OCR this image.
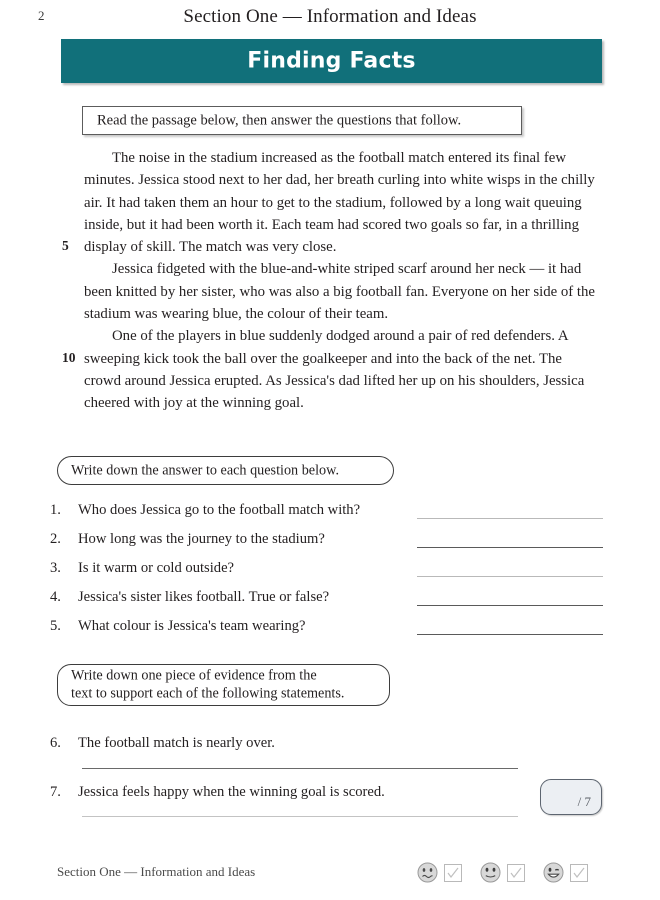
2	Section One — Information and Ideas
Finding Facts
Read the passage below, then answer the questions that follow.
5
10

The noise in the stadium increased as the football match entered its final few minutes. Jessica stood next to her dad, her breath curling into white wisps in the chilly air. It had taken them an hour to get to the stadium, followed by a long wait queuing inside, but it had been worth it. Each team had scored two goals so far, in a thrilling display of skill. The match was very close.

Jessica fidgeted with the blue-and-white striped scarf around her neck — it had been knitted by her sister, who was also a big football fan. Everyone on her side of the stadium was wearing blue, the colour of their team.

One of the players in blue suddenly dodged around a pair of red defenders. A sweeping kick took the ball over the goalkeeper and into the back of the net. The crowd around Jessica erupted. As Jessica's dad lifted her up on his shoulders, Jessica cheered with joy at the winning goal.

Write down the answer to each question below.
1.	Who does Jessica go to the football match with?
2.	How long was the journey to the stadium?
3.	Is it warm or cold outside?
4.	Jessica's sister likes football. True or false?
5.	What colour is Jessica's team wearing?
Write down one piece of evidence from the
text to support each of the following statements.
6.	The football match is nearly over.
7.	Jessica feels happy when the winning goal is scored.
/ 7
Section One — Information and Ideas
